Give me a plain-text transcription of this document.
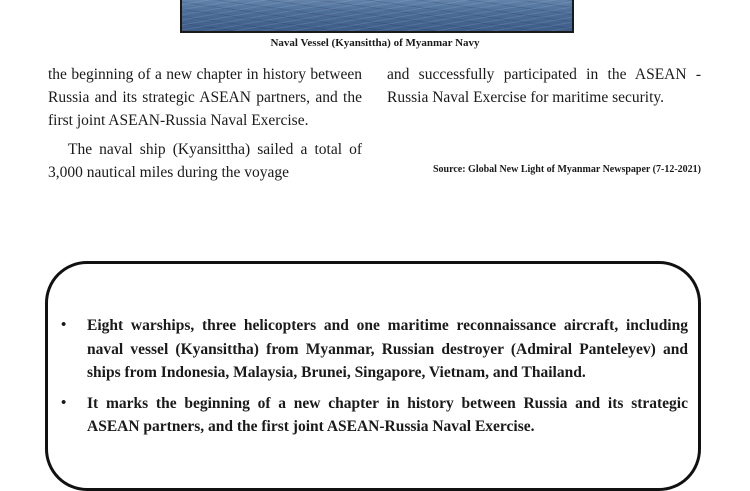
Naval Vessel (Kyansittha) of Myanmar Navy

the beginning of a new chapter in history between Russia and its strategic ASEAN partners, and the first joint ASEAN-Russia Naval Exercise.

The naval ship (Kyansittha) sailed a total of 3,000 nautical miles during the voyage

and successfully participated in the ASEAN -Russia Naval Exercise for maritime security.

Source: Global New Light of Myanmar Newspaper (7-12-2021)
• Eight warships, three helicopters and one maritime reconnaissance aircraft, including naval vessel (Kyansittha) from Myanmar, Russian destroyer (Admiral Panteleyev) and ships from Indonesia, Malaysia, Brunei, Singapore, Vietnam, and Thailand.
• It marks the beginning of a new chapter in history between Russia and its strategic ASEAN partners, and the first joint ASEAN-Russia Naval Exercise.
